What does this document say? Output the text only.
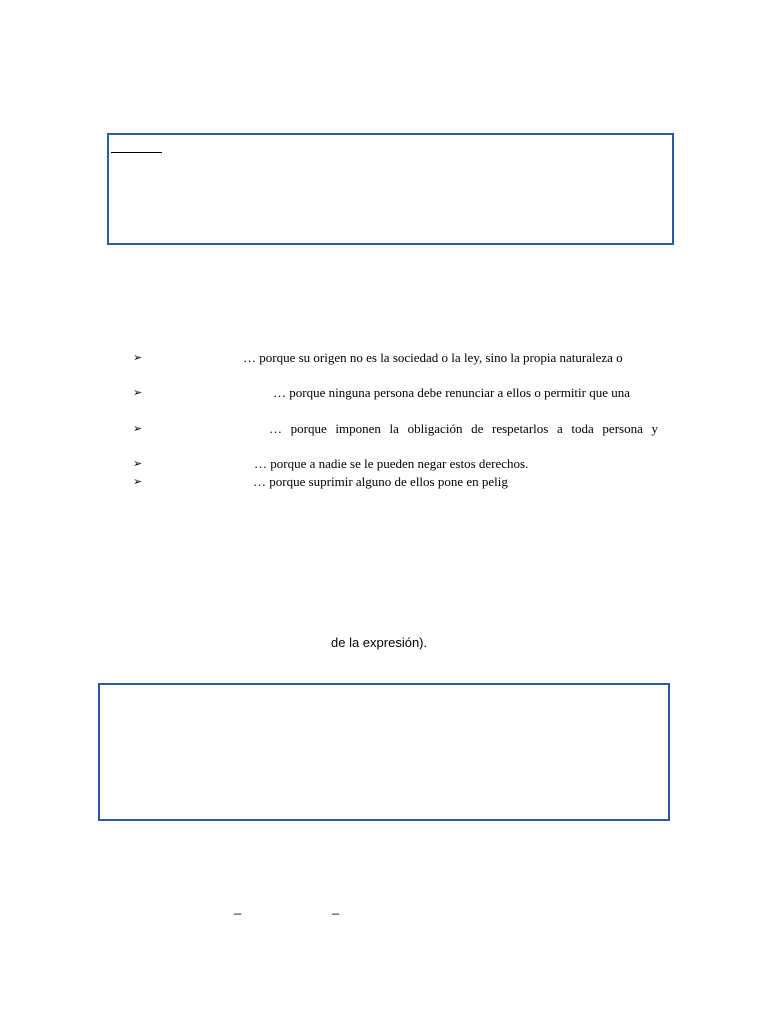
➢	… porque su origen no es la sociedad o la ley, sino la propia naturaleza o
➢	… porque ninguna persona debe renunciar a ellos o permitir que una
➢	… porque imponen la obligación de respetarlos a toda persona y
➢	… porque a nadie se le pueden negar estos derechos.
➢	… porque suprimir alguno de ellos pone en pelig
de la expresión).
_	_
